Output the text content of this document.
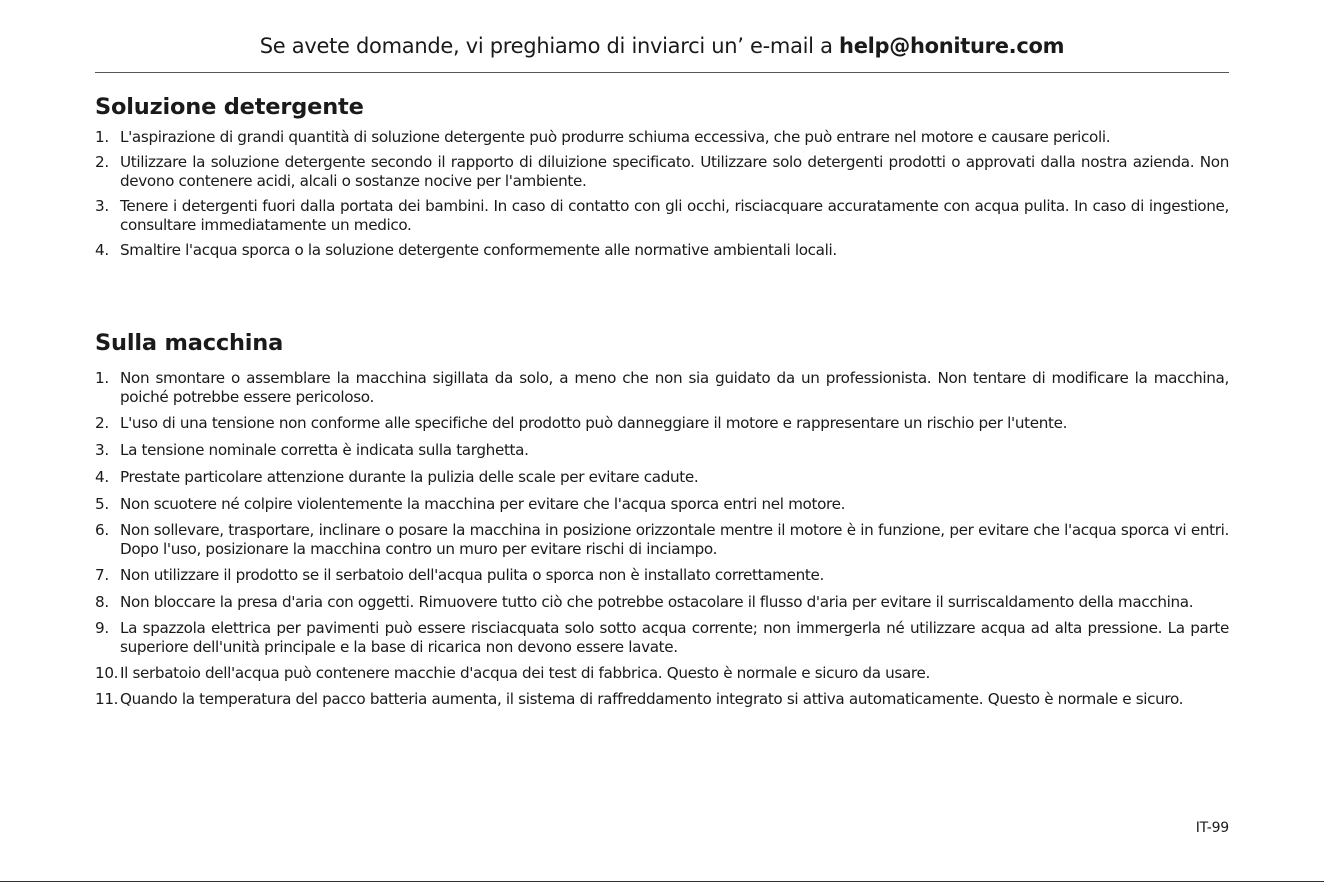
Se avete domande, vi preghiamo di inviarci un’ e-mail a help@honiture.com
Soluzione detergente
1. L'aspirazione di grandi quantità di soluzione detergente può produrre schiuma eccessiva, che può entrare nel motore e causare pericoli.
2. Utilizzare la soluzione detergente secondo il rapporto di diluizione specificato. Utilizzare solo detergenti prodotti o approvati dalla nostra azienda. Non devono contenere acidi, alcali o sostanze nocive per l'ambiente.
3. Tenere i detergenti fuori dalla portata dei bambini. In caso di contatto con gli occhi, risciacquare accuratamente con acqua pulita. In caso di ingestione, consultare immediatamente un medico.
4. Smaltire l'acqua sporca o la soluzione detergente conformemente alle normative ambientali locali.
Sulla macchina
1. Non smontare o assemblare la macchina sigillata da solo, a meno che non sia guidato da un professionista. Non tentare di modificare la macchina, poiché potrebbe essere pericoloso.
2. L'uso di una tensione non conforme alle specifiche del prodotto può danneggiare il motore e rappresentare un rischio per l'utente.
3. La tensione nominale corretta è indicata sulla targhetta.
4. Prestate particolare attenzione durante la pulizia delle scale per evitare cadute.
5. Non scuotere né colpire violentemente la macchina per evitare che l'acqua sporca entri nel motore.
6. Non sollevare, trasportare, inclinare o posare la macchina in posizione orizzontale mentre il motore è in funzione, per evitare che l'acqua sporca vi entri. Dopo l'uso, posizionare la macchina contro un muro per evitare rischi di inciampo.
7. Non utilizzare il prodotto se il serbatoio dell'acqua pulita o sporca non è installato correttamente.
8. Non bloccare la presa d'aria con oggetti. Rimuovere tutto ciò che potrebbe ostacolare il flusso d'aria per evitare il surriscaldamento della macchina.
9. La spazzola elettrica per pavimenti può essere risciacquata solo sotto acqua corrente; non immergerla né utilizzare acqua ad alta pressione. La parte superiore dell'unità principale e la base di ricarica non devono essere lavate.
10. Il serbatoio dell'acqua può contenere macchie d'acqua dei test di fabbrica. Questo è normale e sicuro da usare.
11. Quando la temperatura del pacco batteria aumenta, il sistema di raffreddamento integrato si attiva automaticamente. Questo è normale e sicuro.
IT-99
